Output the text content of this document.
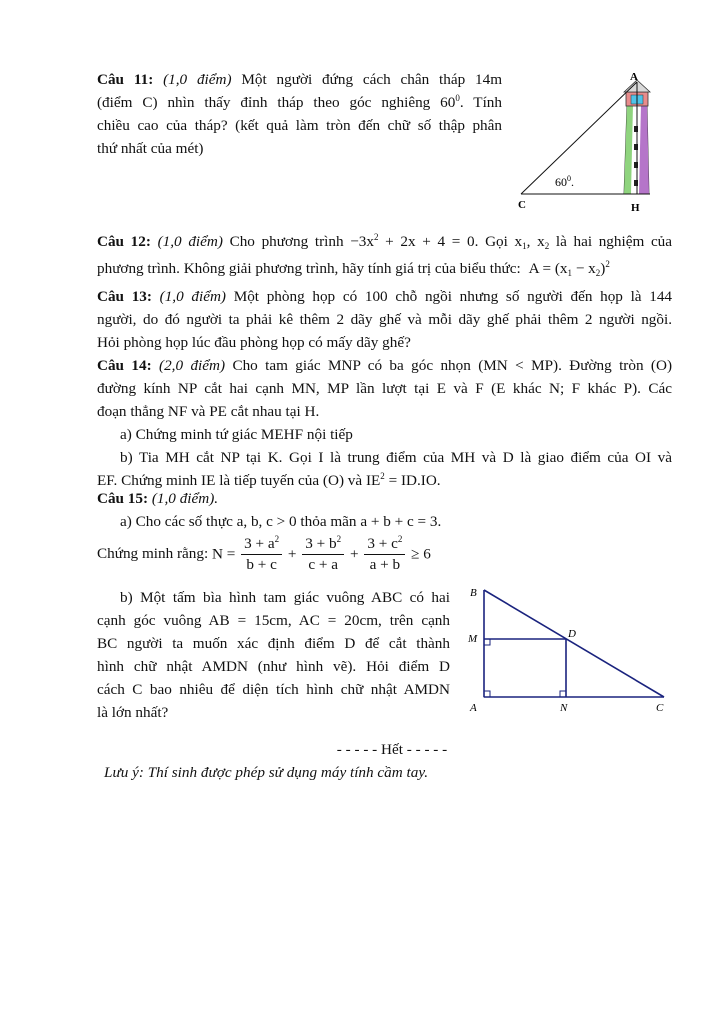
Câu 11: (1,0 điểm) Một người đứng cách chân tháp 14m

(điểm C) nhìn thấy đỉnh tháp theo góc nghiêng $60^0$. Tính

chiều cao của tháp? (kết quả làm tròn đến chữ số thập phân

thứ nhất của mét)

A
C	H
$60^0$.

Câu 12: (1,0 điểm) Cho phương trình $-3x^2 + 2x + 4 = 0$. Gọi $x_1$, $x_2$ là hai nghiệm của

phương trình. Không giải phương trình, hãy tính giá trị của biểu thức: $A = (x_1 - x_2)^2$

Câu 13: (1,0 điểm) Một phòng họp có 100 chỗ ngồi nhưng số người đến họp là 144

người, do đó người ta phải kê thêm 2 dãy ghế và mỗi dãy ghế phải thêm 2 người ngồi.

Hỏi phòng họp lúc đầu phòng họp có mấy dãy ghế?

Câu 14: (2,0 điểm) Cho tam giác MNP có ba góc nhọn (MN < MP). Đường tròn (O)

đường kính NP cắt hai cạnh MN, MP lần lượt tại E và F (E khác N; F khác P). Các

đoạn thẳng NF và PE cắt nhau tại H.

a) Chứng minh tứ giác MEHF nội tiếp

b) Tia MH cắt NP tại K. Gọi I là trung điểm của MH và D là giao điểm của OI và

EF. Chứng minh IE là tiếp tuyến của (O) và $IE^2 = ID.IO$.

Câu 15: (1,0 điểm).

a) Cho các số thực a, b, c > 0 thỏa mãn a + b + c = 3.

Chứng minh rằng: $N = \frac{3 + a^2}{b + c} + \frac{3 + b^2}{c + a} + \frac{3 + c^2}{a + b} \ge 6$

b) Một tấm bìa hình tam giác vuông ABC có hai

cạnh góc vuông AB = 15cm, AC = 20cm, trên cạnh

BC người ta muốn xác định điểm D để cắt thành

hình chữ nhật AMDN (như hình vẽ). Hỏi điểm D

cách C bao nhiêu để diện tích hình chữ nhật AMDN

là lớn nhất?

B
M	D
A	N	C

- - - - - Hết - - - - -

Lưu ý: Thí sinh được phép sử dụng máy tính cầm tay.
